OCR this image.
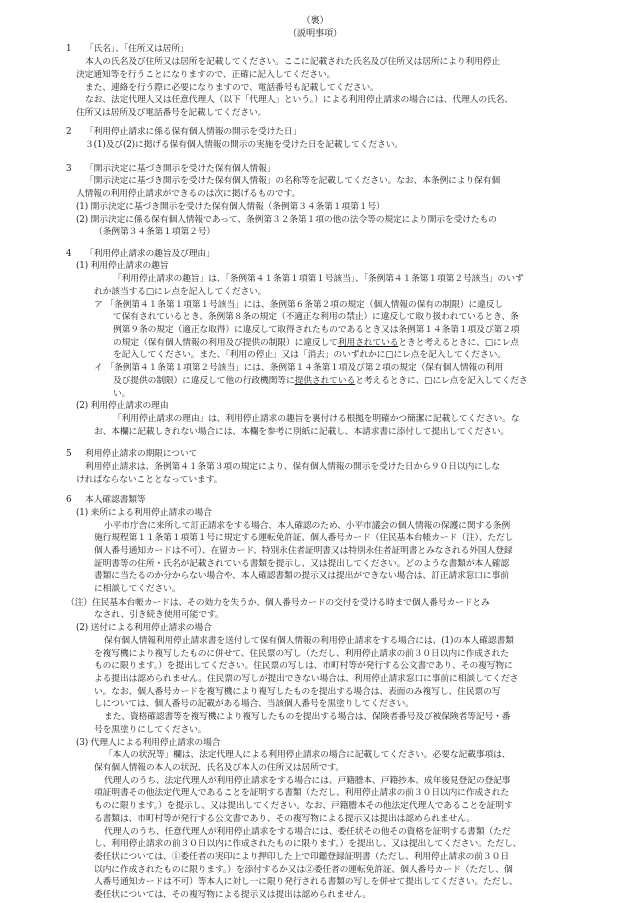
（裏）
（説明事項）
1 「氏名」、「住所又は居所」
本人の氏名及び住所又は居所を記載してください。ここに記載された氏名及び住所又は居所により利用停止
決定通知等を行うことになりますので、正確に記入してください。
また、連絡を行う際に必要になりますので、電話番号も記載してください。
なお、法定代理人又は任意代理人（以下「代理人」という。）による利用停止請求の場合には、代理人の氏名、
住所又は居所及び電話番号を記載してください。
2 「利用停止請求に係る保有個人情報の開示を受けた日」
３(1)及び(2)に掲げる保有個人情報の開示の実施を受けた日を記載してください。
3 「開示決定に基づき開示を受けた保有個人情報」
「開示決定に基づき開示を受けた保有個人情報」の名称等を記載してください。なお、本条例により保有個
人情報の利用停止請求ができるのは次に掲げるものです。
(1) 開示決定に基づき開示を受けた保有個人情報（条例第３４条第１項第１号）
(2) 開示決定に係る保有個人情報であって、条例第３２条第１項の他の法令等の規定により開示を受けたもの
（条例第３４条第１項第２号）
4 「利用停止請求の趣旨及び理由」
(1) 利用停止請求の趣旨
「利用停止請求の趣旨」は、「条例第４１条第１項第１号該当」、「条例第４１条第１項第２号該当」のいず
れか該当する□にレ点を記入してください。
ア 「条例第４１条第１項第１号該当」には、条例第６条第２項の規定（個人情報の保有の制限）に違反し
て保有されているとき、条例第８条の規定（不適正な利用の禁止）に違反して取り扱われているとき、条
例第９条の規定（適正な取得）に違反して取得されたものであるとき又は条例第１４条第１項及び第２項
の規定（保有個人情報の利用及び提供の制限）に違反して利用されているときと考えるときに、□にレ点
を記入してください。また、「利用の停止」又は「消去」のいずれかに□にレ点を記入してください。
イ 「条例第４１条第１項第２号該当」には、条例第１４条第１項及び第２項の規定（保有個人情報の利用
及び提供の制限）に違反して他の行政機関等に提供されていると考えるときに、□にレ点を記入してくださ
い。
(2) 利用停止請求の理由
「利用停止請求の理由」は、利用停止請求の趣旨を裏付ける根拠を明確かつ簡潔に記載してください。な
お、本欄に記載しきれない場合には、本欄を参考に別紙に記載し、本請求書に添付して提出してください。
5 利用停止請求の期限について
利用停止請求は、条例第４１条第３項の規定により、保有個人情報の開示を受けた日から９０日以内にしな
ければならないこととなっています。
6 本人確認書類等
(1) 来所による利用停止請求の場合
小平市庁舎に来所して訂正請求をする場合、本人確認のため、小平市議会の個人情報の保護に関する条例
施行規程第１１条第１項第１号に規定する運転免許証、個人番号カード（住民基本台帳カード（注）、ただし
個人番号通知カードは不可）、在留カード、特別永住者証明書又は特別永住者証明書とみなされる外国人登録
証明書等の住所・氏名が記載されている書類を提示し、又は提出してください。どのような書類が本人確認
書類に当たるのか分からない場合や、本人確認書類の提示又は提出ができない場合は、訂正請求窓口に事前
に相談してください。
（注）住民基本台帳カードは、その効力を失うか、個人番号カードの交付を受ける時まで個人番号カードとみ
なされ、引き続き使用可能です。
(2) 送付による利用停止請求の場合
保有個人情報利用停止請求書を送付して保有個人情報の利用停止請求をする場合には、(1)の本人確認書類
を複写機により複写したものに併せて、住民票の写し（ただし、利用停止請求の前３０日以内に作成された
ものに限ります。）を提出してください。住民票の写しは、市町村等が発行する公文書であり、その複写物に
よる提出は認められません。住民票の写しが提出できない場合は、利用停止請求窓口に事前に相談してくださ
い。なお、個人番号カードを複写機により複写したものを提出する場合は、表面のみ複写し、住民票の写
しについては、個人番号の記載がある場合、当該個人番号を黒塗りしてください。
また、資格確認書等を複写機により複写したものを提出する場合は、保険者番号及び被保険者等記号・番
号を黒塗りにしてください。
(3) 代理人による利用停止請求の場合
「本人の状況等」欄は、法定代理人による利用停止請求の場合に記載してください。必要な記載事項は、
保有個人情報の本人の状況、氏名及び本人の住所又は居所です。
代理人のうち、法定代理人が利用停止請求をする場合には、戸籍謄本、戸籍抄本、成年後見登記の登記事
項証明書その他法定代理人であることを証明する書類（ただし、利用停止請求の前３０日以内に作成された
ものに限ります。）を提示し、又は提出してください。なお、戸籍謄本その他法定代理人であることを証明す
る書類は、市町村等が発行する公文書であり、その複写物による提示又は提出は認められません。
代理人のうち、任意代理人が利用停止請求をする場合には、委任状その他その資格を証明する書類（ただ
し、利用停止請求の前３０日以内に作成されたものに限ります。）を提出し、又は提出してください。ただし、
委任状については、①委任者の実印により押印した上で印鑑登録証明書（ただし、利用停止請求の前３０日
以内に作成されたものに限ります。）を添付するか又は②委任者の運転免許証、個人番号カード（ただし、個
人番号通知カードは不可）等本人に対し一に限り発行される書類の写しを併せて提出してください。ただし、
委任状については、その複写物による提示又は提出は認められません。
